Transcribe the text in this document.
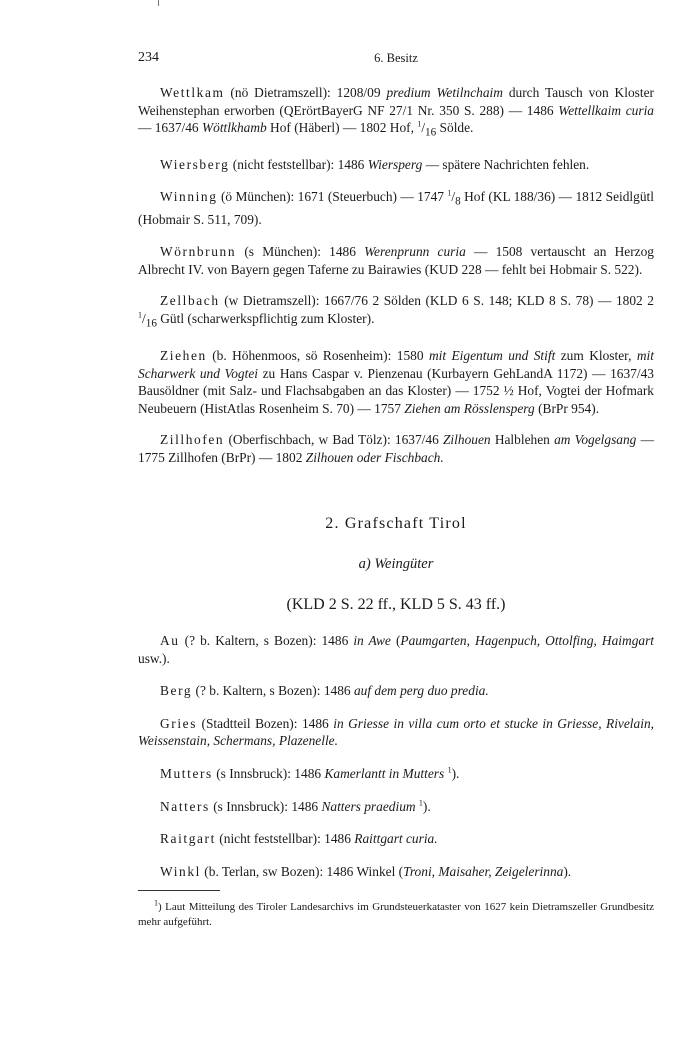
234	6. Besitz

Wettlkam (nö Dietramszell): 1208/09 predium Wetilnchaim durch Tausch von Kloster Weihenstephan erworben (QErörtBayerG NF 27/1 Nr. 350 S. 288) — 1486 Wettellkaim curia — 1637/46 Wöttlkhamb Hof (Häberl) — 1802 Hof, $^1/_{16}$ Sölde.

Wiersberg (nicht feststellbar): 1486 Wiersperg — spätere Nachrichten fehlen.

Winning (ö München): 1671 (Steuerbuch) — 1747 $^1/_8$ Hof (KL 188/36) — 1812 Seidlgütl (Hobmair S. 511, 709).

Wörnbrunn (s München): 1486 Werenprunn curia — 1508 vertauscht an Herzog Albrecht IV. von Bayern gegen Taferne zu Bairawies (KUD 228 — fehlt bei Hobmair S. 522).

Zellbach (w Dietramszell): 1667/76 2 Sölden (KLD 6 S. 148; KLD 8 S. 78) — 1802 2 $^1/_{16}$ Gütl (scharwerkspflichtig zum Kloster).

Ziehen (b. Höhenmoos, sö Rosenheim): 1580 mit Eigentum und Stift zum Kloster, mit Scharwerk und Vogtei zu Hans Caspar v. Pienzenau (Kurbayern GehLandA 1172) — 1637/43 Bausöldner (mit Salz- und Flachsabgaben an das Kloster) — 1752 ½ Hof, Vogtei der Hofmark Neubeuern (HistAtlas Rosenheim S. 70) — 1757 Ziehen am Rösslensperg (BrPr 954).

Zillhofen (Oberfischbach, w Bad Tölz): 1637/46 Zilhouen Halblehen am Vogelgsang — 1775 Zillhofen (BrPr) — 1802 Zilhouen oder Fischbach.

2. Grafschaft Tirol
a) Weingüter
(KLD 2 S. 22 ff., KLD 5 S. 43 ff.)

Au (? b. Kaltern, s Bozen): 1486 in Awe (Paumgarten, Hagenpuch, Ottolfing, Haimgart usw.).

Berg (? b. Kaltern, s Bozen): 1486 auf dem perg duo predia.

Gries (Stadtteil Bozen): 1486 in Griesse in villa cum orto et stucke in Griesse, Rivelain, Weissenstain, Schermans, Plazenelle.

Mutters (s Innsbruck): 1486 Kamerlantt in Mutters $^1$).

Natters (s Innsbruck): 1486 Natters praedium $^1$).

Raitgart (nicht feststellbar): 1486 Raittgart curia.

Winkl (b. Terlan, sw Bozen): 1486 Winkel (Troni, Maisaher, Zeigelerinna).

$^1$) Laut Mitteilung des Tiroler Landesarchivs im Grundsteuerkataster von 1627 kein Dietramszeller Grundbesitz mehr aufgeführt.
